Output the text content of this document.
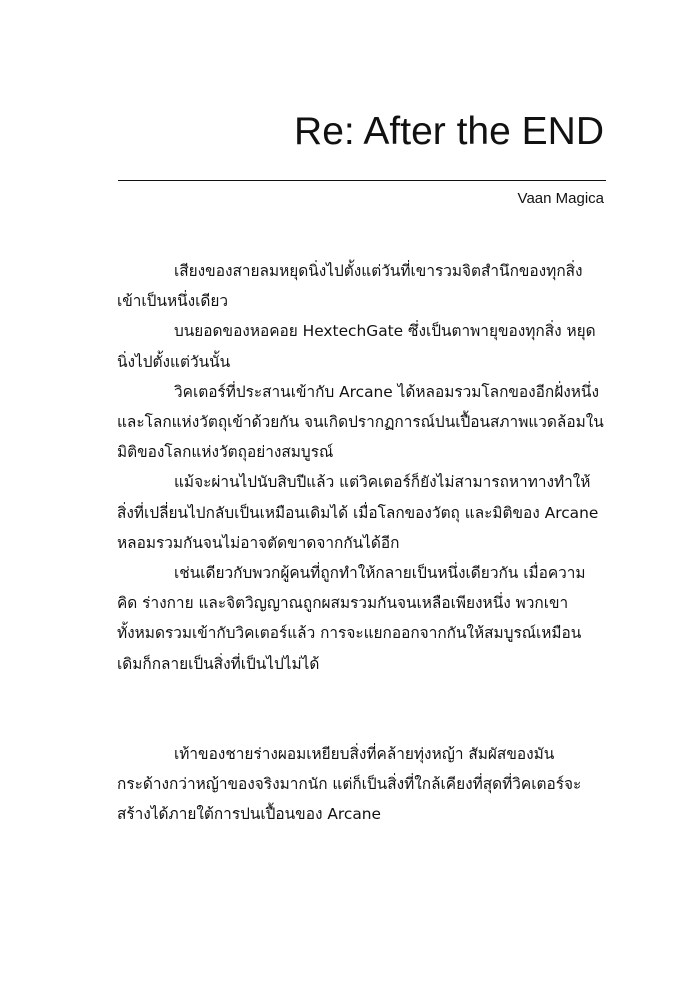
Re: After the END
Vaan Magica

เสียงของสายลมหยุดนิ่งไปตั้งแต่วันที่เขารวมจิตสำนึกของทุกสิ่งเข้าเป็นหนึ่งเดียว

บนยอดของหอคอย HextechGate ซึ่งเป็นตาพายุของทุกสิ่ง หยุดนิ่งไปตั้งแต่วันนั้น

วิคเตอร์ที่ประสานเข้ากับ Arcane ได้หลอมรวมโลกของอีกฝั่งหนึ่งและโลกแห่งวัตถุเข้าด้วยกัน จนเกิดปรากฏการณ์ปนเปื้อนสภาพแวดล้อมในมิติของโลกแห่งวัตถุอย่างสมบูรณ์

แม้จะผ่านไปนับสิบปีแล้ว แต่วิคเตอร์ก็ยังไม่สามารถหาทางทำให้สิ่งที่เปลี่ยนไปกลับเป็นเหมือนเดิมได้ เมื่อโลกของวัตถุ และมิติของ Arcane หลอมรวมกันจนไม่อาจตัดขาดจากกันได้อีก

เช่นเดียวกับพวกผู้คนที่ถูกทำให้กลายเป็นหนึ่งเดียวกัน เมื่อความคิด ร่างกาย และจิตวิญญาณถูกผสมรวมกันจนเหลือเพียงหนึ่ง พวกเขาทั้งหมดรวมเข้ากับวิคเตอร์แล้ว การจะแยกออกจากกันให้สมบูรณ์เหมือนเดิมก็กลายเป็นสิ่งที่เป็นไปไม่ได้

เท้าของชายร่างผอมเหยียบสิ่งที่คล้ายทุ่งหญ้า สัมผัสของมันกระด้างกว่าหญ้าของจริงมากนัก แต่ก็เป็นสิ่งที่ใกล้เคียงที่สุดที่วิคเตอร์จะสร้างได้ภายใต้การปนเปื้อนของ Arcane
